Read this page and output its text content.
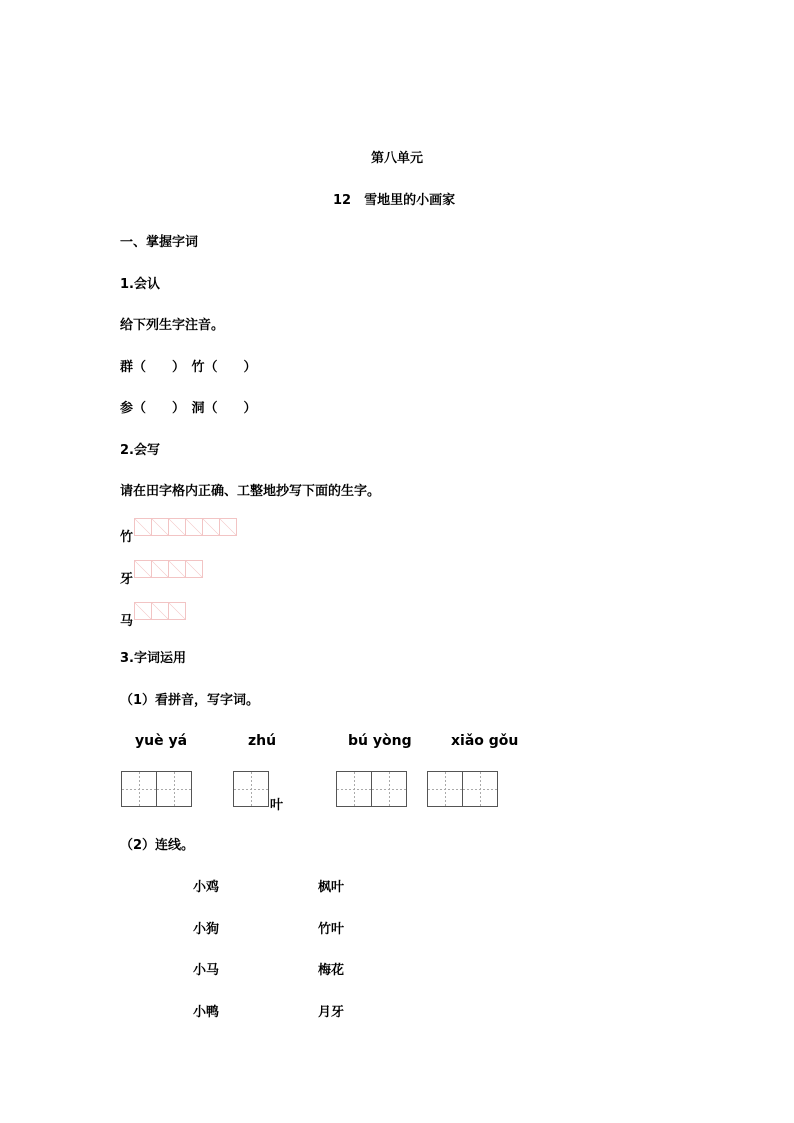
第八单元
12　雪地里的小画家
一、掌握字词
1.会认
给下列生字注音。
群（　　）　竹（　　）
参（　　）　洞（　　）
2.会写
请在田字格内正确、工整地抄写下面的生字。
竹
牙
马
3.字词运用
（1）看拼音，写字词。
yuè yá	zhú	bú yòng	xiǎo gǒu
叶
（2）连线。
小鸡	枫叶
小狗	竹叶
小马	梅花
小鸭	月牙
